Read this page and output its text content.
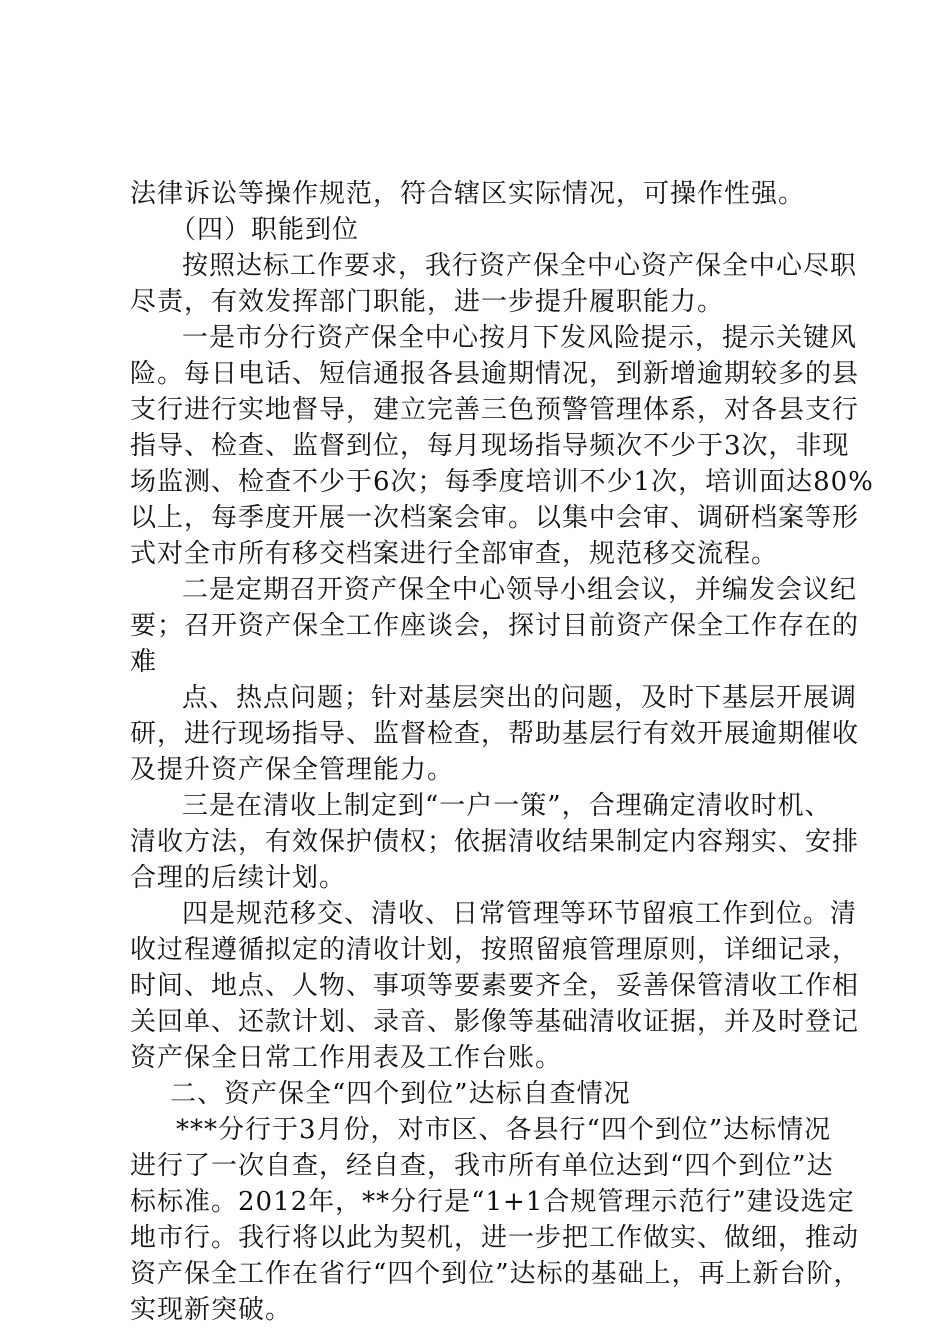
法律诉讼等操作规范，符合辖区实际情况，可操作性强。
（四）职能到位
按照达标工作要求，我行资产保全中心资产保全中心尽职
尽责，有效发挥部门职能，进一步提升履职能力。
一是市分行资产保全中心按月下发风险提示，提示关键风
险。每日电话、短信通报各县逾期情况，到新增逾期较多的县
支行进行实地督导，建立完善三色预警管理体系，对各县支行
指导、检查、监督到位，每月现场指导频次不少于3次，非现
场监测、检查不少于6次；每季度培训不少1次，培训面达80%
以上，每季度开展一次档案会审。以集中会审、调研档案等形
式对全市所有移交档案进行全部审查，规范移交流程。
二是定期召开资产保全中心领导小组会议，并编发会议纪
要；召开资产保全工作座谈会，探讨目前资产保全工作存在的
难
点、热点问题；针对基层突出的问题，及时下基层开展调
研，进行现场指导、监督检查，帮助基层行有效开展逾期催收
及提升资产保全管理能力。
三是在清收上制定到“一户一策”，合理确定清收时机、
清收方法，有效保护债权；依据清收结果制定内容翔实、安排
合理的后续计划。
四是规范移交、清收、日常管理等环节留痕工作到位。清
收过程遵循拟定的清收计划，按照留痕管理原则，详细记录，
时间、地点、人物、事项等要素要齐全，妥善保管清收工作相
关回单、还款计划、录音、影像等基础清收证据，并及时登记
资产保全日常工作用表及工作台账。
二、资产保全“四个到位”达标自查情况
***分行于3月份，对市区、各县行“四个到位”达标情况
进行了一次自查，经自查，我市所有单位达到“四个到位”达
标标准。2012年，**分行是“1+1合规管理示范行”建设选定
地市行。我行将以此为契机，进一步把工作做实、做细，推动
资产保全工作在省行“四个到位”达标的基础上，再上新台阶，
实现新突破。
